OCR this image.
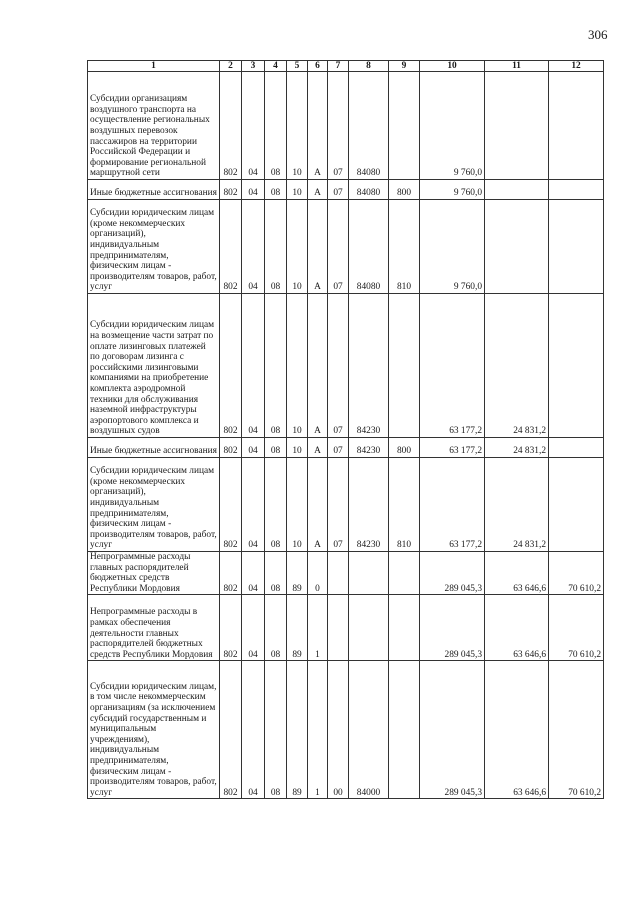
306
1	2	3	4	5	6	7	8	9	10	11	12
Субсидии организациям воздушного транспорта на осуществление региональных воздушных перевозок пассажиров на территории Российской Федерации и формирование региональной маршрутной сети	802	04	08	10	А	07	84080		9 760,0		
Иные бюджетные ассигнования	802	04	08	10	А	07	84080	800	9 760,0		
Субсидии юридическим лицам (кроме некоммерческих организаций), индивидуальным предпринимателям, физическим лицам - производителям товаров, работ, услуг	802	04	08	10	А	07	84080	810	9 760,0		
Субсидии юридическим лицам на возмещение части затрат по оплате лизинговых платежей по договорам лизинга с российскими лизинговыми компаниями на приобретение комплекта аэродромной техники для обслуживания наземной инфраструктуры аэропортового комплекса и воздушных судов	802	04	08	10	А	07	84230		63 177,2	24 831,2	
Иные бюджетные ассигнования	802	04	08	10	А	07	84230	800	63 177,2	24 831,2	
Субсидии юридическим лицам (кроме некоммерческих организаций), индивидуальным предпринимателям, физическим лицам - производителям товаров, работ, услуг	802	04	08	10	А	07	84230	810	63 177,2	24 831,2	
Непрограммные расходы главных распорядителей бюджетных средств Республики Мордовия	802	04	08	89	0				289 045,3	63 646,6	70 610,2
Непрограммные расходы в рамках обеспечения деятельности главных распорядителей бюджетных средств Республики Мордовия	802	04	08	89	1				289 045,3	63 646,6	70 610,2
Субсидии юридическим лицам, в том числе некоммерческим организациям (за исключением субсидий государственным и муниципальным учреждениям), индивидуальным предпринимателям, физическим лицам - производителям товаров, работ, услуг	802	04	08	89	1	00	84000		289 045,3	63 646,6	70 610,2
